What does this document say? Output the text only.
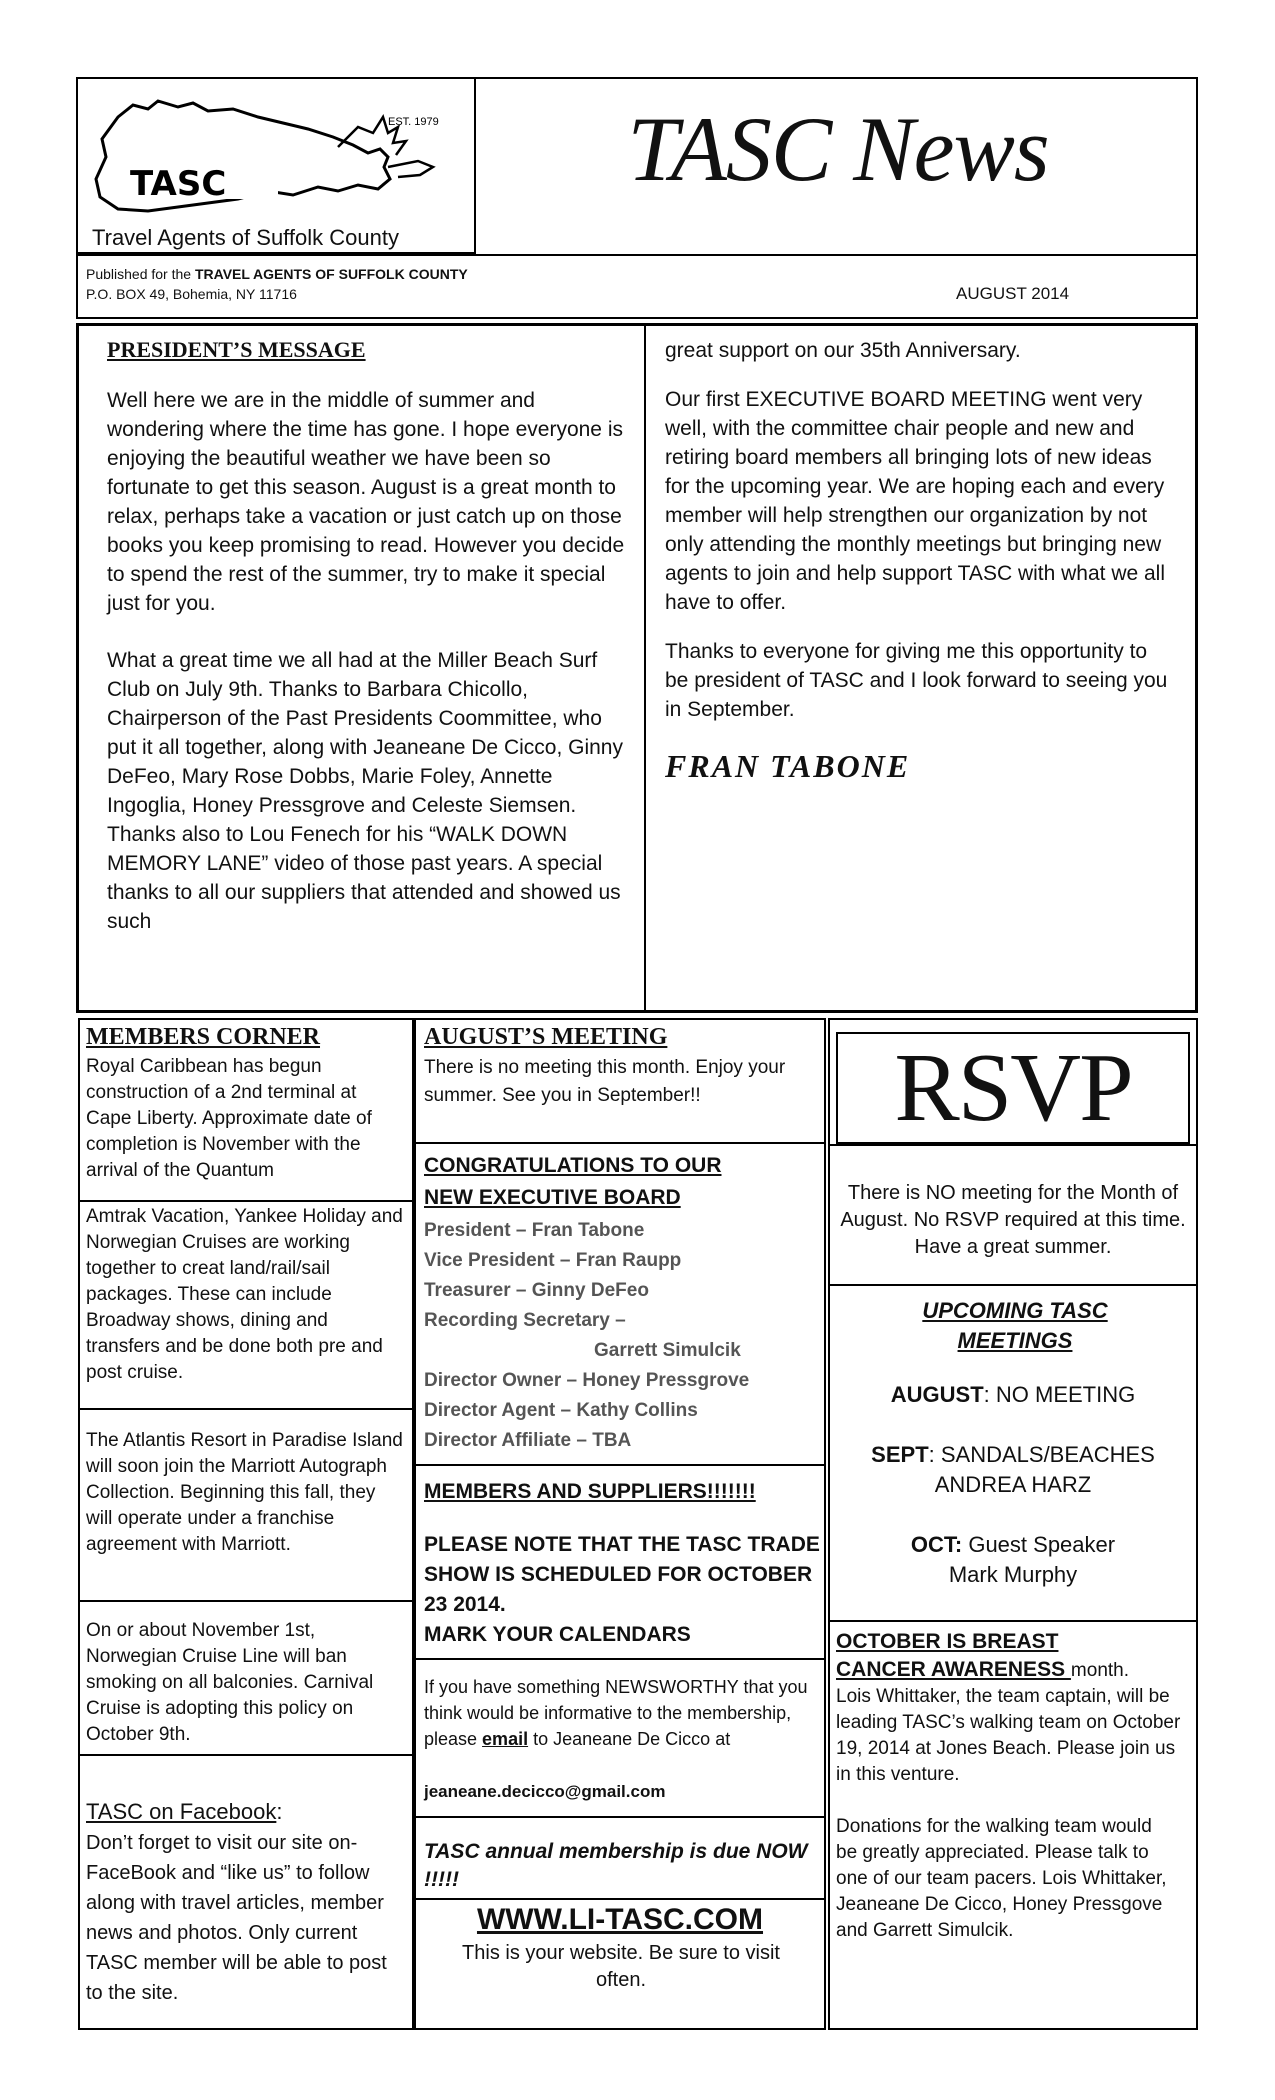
TASC
EST. 1979
Travel Agents of Suffolk County
TASC News
Published for the TRAVEL AGENTS OF SUFFOLK COUNTY
P.O. BOX 49, Bohemia, NY 11716	AUGUST 2014
PRESIDENT’S MESSAGE

Well here we are in the middle of summer and wondering where the time has gone. I hope everyone is enjoying the beautiful weather we have been so fortunate to get this season. August is a great month to relax, perhaps take a vacation or just catch up on those books you keep promising to read. However you decide to spend the rest of the summer, try to make it special just for you.

What a great time we all had at the Miller Beach Surf Club on July 9th. Thanks to Barbara Chicollo, Chairperson of the Past Presidents Coommittee, who put it all together, along with Jeaneane De Cicco, Ginny DeFeo, Mary Rose Dobbs, Marie Foley, Annette Ingoglia, Honey Pressgrove and Celeste Siemsen. Thanks also to Lou Fenech for his “WALK DOWN MEMORY LANE” video of those past years. A special thanks to all our suppliers that attended and showed us such

great support on our 35th Anniversary.

Our first EXECUTIVE BOARD MEETING went very well, with the committee chair people and new and retiring board members all bringing lots of new ideas for the upcoming year. We are hoping each and every member will help strengthen our organization by not only attending the monthly meetings but bringing new agents to join and help support TASC with what we all have to offer.

Thanks to everyone for giving me this opportunity to be president of TASC and I look forward to seeing you in September.

FRAN TABONE
MEMBERS CORNER
Royal Caribbean has begun construction of a 2nd terminal at Cape Liberty. Approximate date of completion is November with the arrival of the Quantum
Amtrak Vacation, Yankee Holiday and Norwegian Cruises are working together to creat land/rail/sail packages. These can include Broadway shows, dining and transfers and be done both pre and post cruise.
The Atlantis Resort in Paradise Island will soon join the Marriott Autograph Collection. Beginning this fall, they will operate under a franchise agreement with Marriott.
On or about November 1st, Norwegian Cruise Line will ban smoking on all balconies. Carnival Cruise is adopting this policy on October 9th.
TASC on Facebook:
Don’t forget to visit our site on-FaceBook and “like us” to follow along with travel articles, member news and photos. Only current TASC member will be able to post to the site.
AUGUST’S MEETING
There is no meeting this month. Enjoy your summer. See you in September!!
CONGRATULATIONS TO OUR
NEW EXECUTIVE BOARD
President – Fran Tabone
Vice President – Fran Raupp
Treasurer – Ginny DeFeo
Recording Secretary –
Garrett Simulcik
Director Owner – Honey Pressgrove
Director Agent – Kathy Collins
Director Affiliate – TBA
MEMBERS AND SUPPLIERS!!!!!!!
PLEASE NOTE THAT THE TASC TRADE SHOW IS SCHEDULED FOR OCTOBER 23 2014.
MARK YOUR CALENDARS
If you have something NEWSWORTHY that you think would be informative to the membership, please email to Jeaneane De Cicco at
jeaneane.decicco@gmail.com
TASC annual membership is due NOW !!!!!
WWW.LI-TASC.COM
This is your website. Be sure to visit often.
RSVP
There is NO meeting for the Month of August. No RSVP required at this time. Have a great summer.
UPCOMING TASC MEETINGS
AUGUST: NO MEETING
SEPT: SANDALS/BEACHES
ANDREA HARZ
OCT: Guest Speaker
Mark Murphy
OCTOBER IS BREAST
CANCER AWARENESS month.
Lois Whittaker, the team captain, will be leading TASC’s walking team on October 19, 2014 at Jones Beach. Please join us in this venture.
Donations for the walking team would be greatly appreciated. Please talk to one of our team pacers. Lois Whittaker, Jeaneane De Cicco, Honey Pressgove and Garrett Simulcik.
